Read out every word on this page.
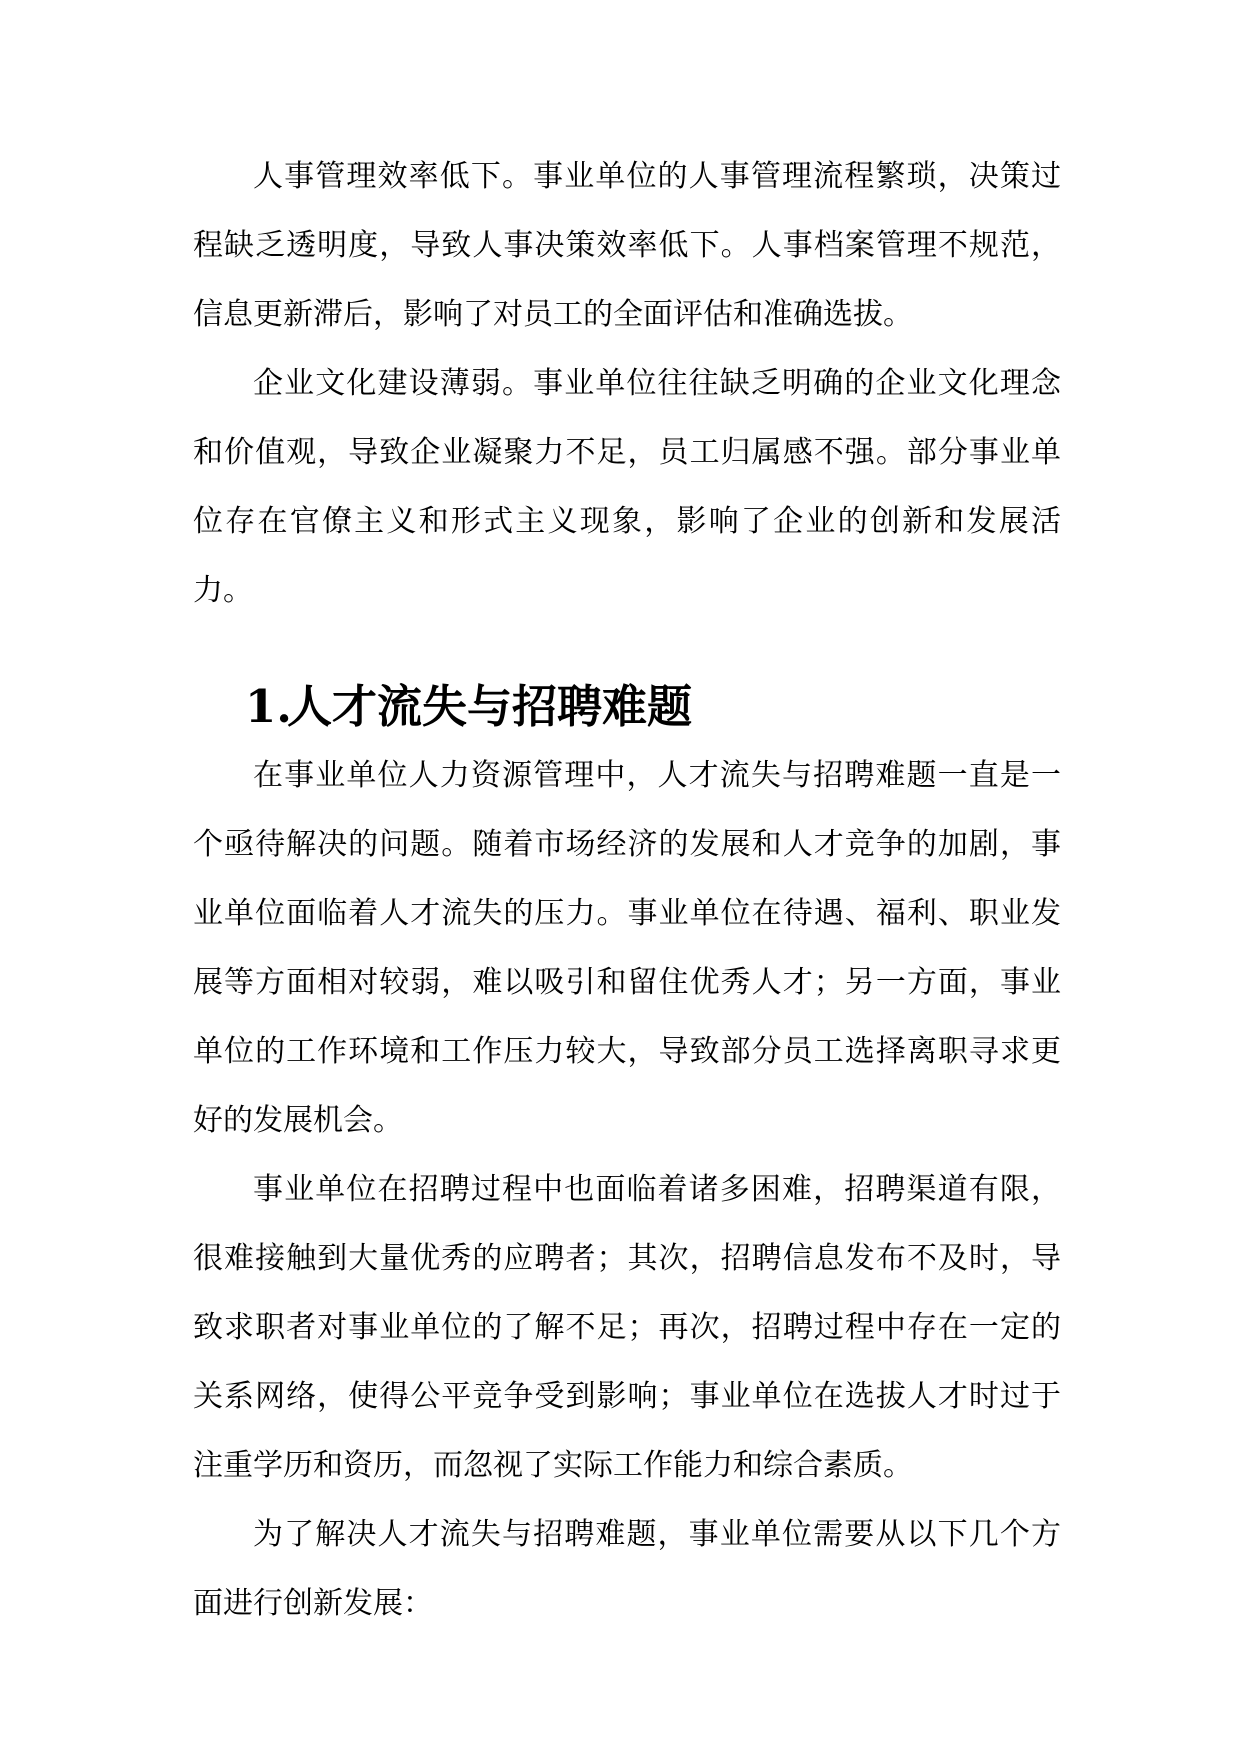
人事管理效率低下。事业单位的人事管理流程繁琐，决策过程缺乏透明度，导致人事决策效率低下。人事档案管理不规范，信息更新滞后，影响了对员工的全面评估和准确选拔。

企业文化建设薄弱。事业单位往往缺乏明确的企业文化理念和价值观，导致企业凝聚力不足，员工归属感不强。部分事业单位存在官僚主义和形式主义现象，影响了企业的创新和发展活力。

1.人才流失与招聘难题

在事业单位人力资源管理中，人才流失与招聘难题一直是一个亟待解决的问题。随着市场经济的发展和人才竞争的加剧，事业单位面临着人才流失的压力。事业单位在待遇、福利、职业发展等方面相对较弱，难以吸引和留住优秀人才；另一方面，事业单位的工作环境和工作压力较大，导致部分员工选择离职寻求更好的发展机会。

事业单位在招聘过程中也面临着诸多困难，招聘渠道有限，很难接触到大量优秀的应聘者；其次，招聘信息发布不及时，导致求职者对事业单位的了解不足；再次，招聘过程中存在一定的关系网络，使得公平竞争受到影响；事业单位在选拔人才时过于注重学历和资历，而忽视了实际工作能力和综合素质。

为了解决人才流失与招聘难题，事业单位需要从以下几个方面进行创新发展：
